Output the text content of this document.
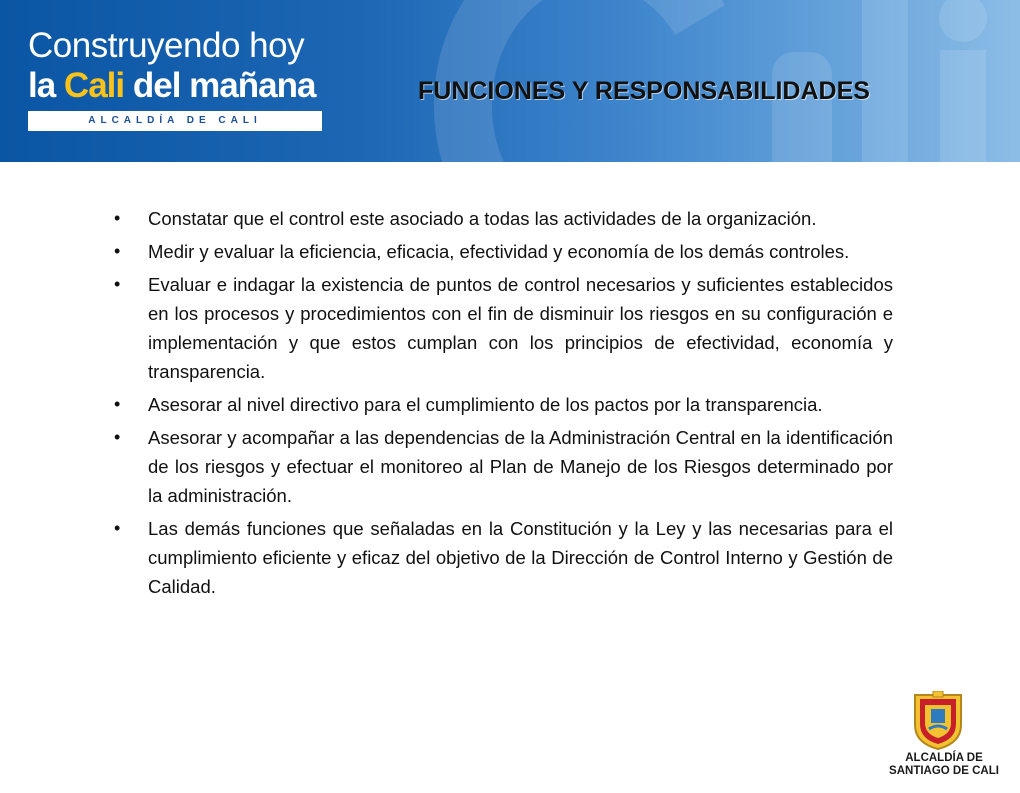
Construyendo hoy
la Cali del mañana
ALCALDÍA DE CALI
FUNCIONES Y RESPONSABILIDADES
• Constatar que el control este asociado a todas las actividades de la organización.
• Medir y evaluar la eficiencia, eficacia, efectividad y economía de los demás controles.
• Evaluar e indagar la existencia de puntos de control necesarios y suficientes establecidos en los procesos y procedimientos con el fin de disminuir los riesgos en su configuración e implementación y que estos cumplan con los principios de efectividad, economía y transparencia.
• Asesorar al nivel directivo para el cumplimiento de los pactos por la transparencia.
• Asesorar y acompañar a las dependencias de la Administración Central en la identificación de los riesgos y efectuar el monitoreo al Plan de Manejo de los Riesgos determinado por la administración.
• Las demás funciones que señaladas en la Constitución y la Ley y las necesarias para el cumplimiento eficiente y eficaz del objetivo de la Dirección de Control Interno y Gestión de Calidad.
ALCALDÍA DE
SANTIAGO DE CALI
